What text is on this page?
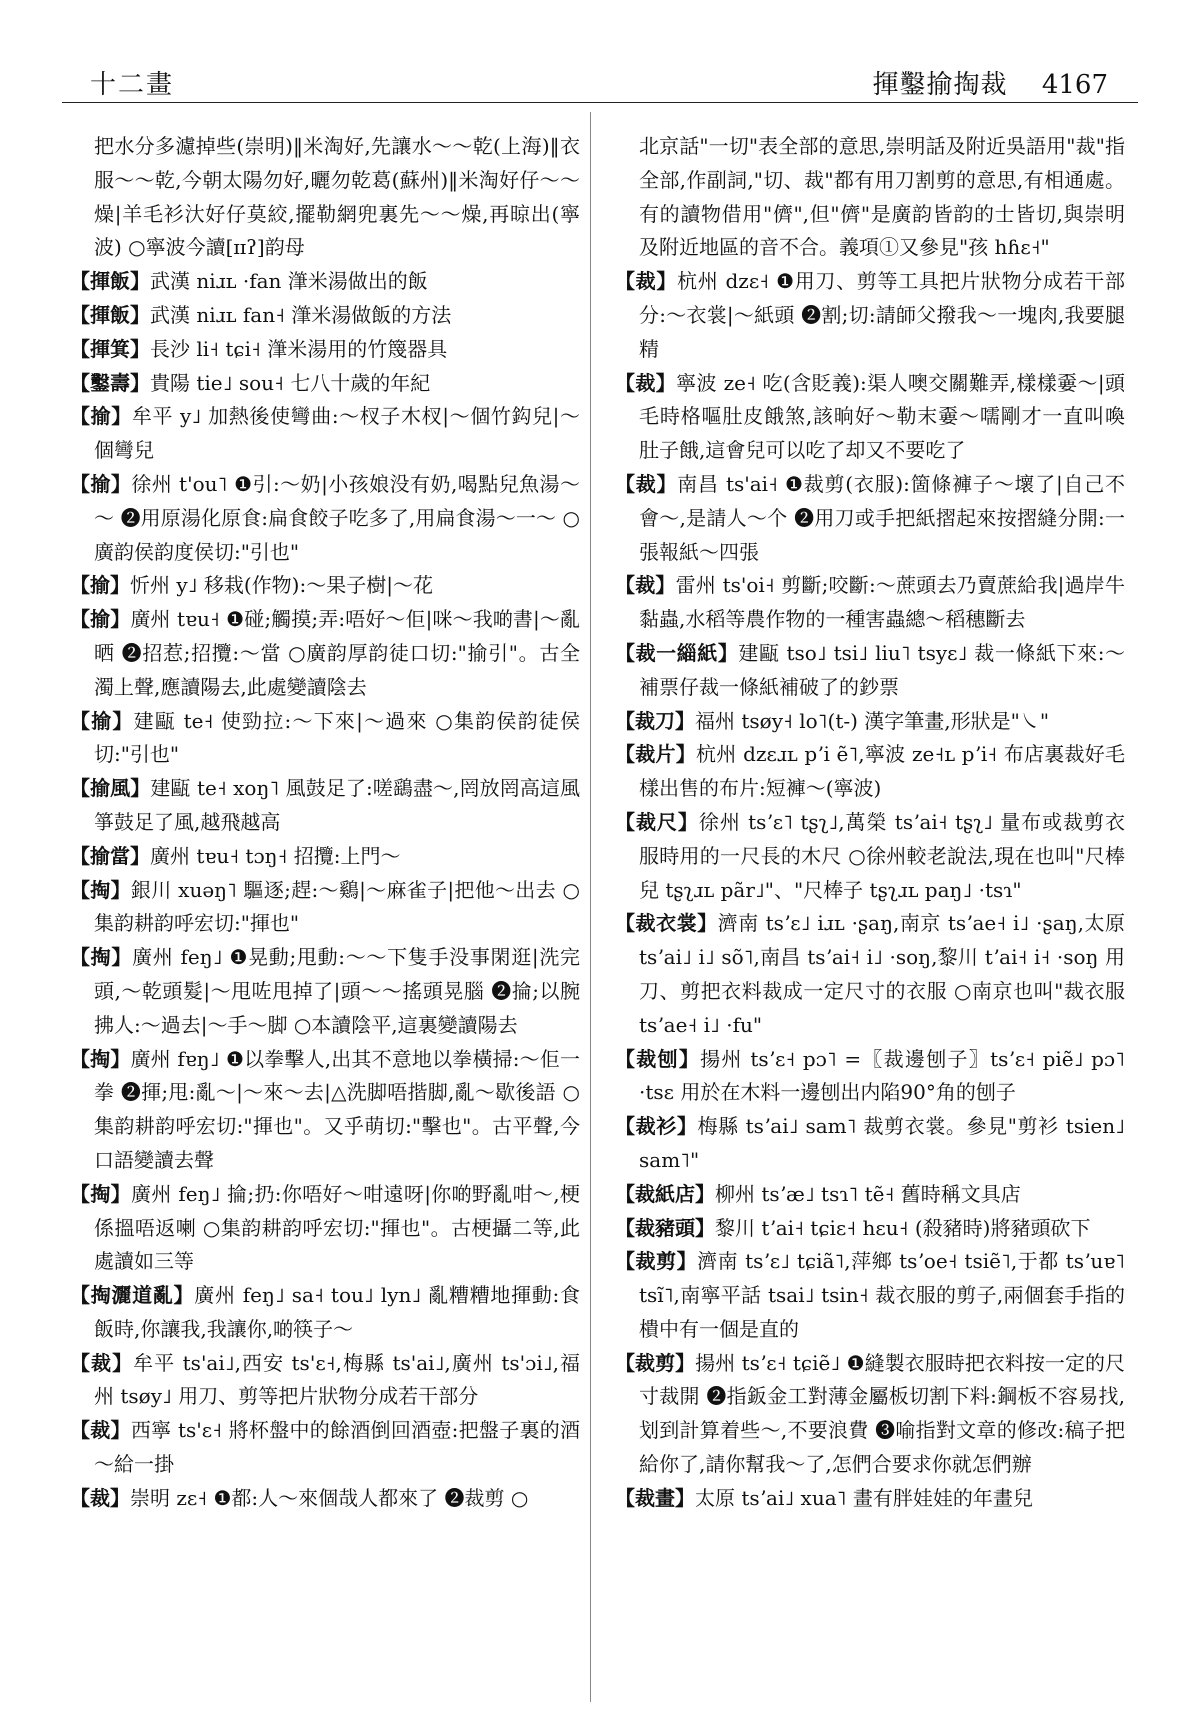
十二畫	揮鑿揄掏裁 4167

把水分多濾掉些(崇明)‖米淘好,先讓水～～乾(上海)‖衣服～～乾,今朝太陽勿好,曬勿乾葛(蘇州)‖米淘好仔～～燥|羊毛衫汏好仔莫絞,擺勒網兜裏先～～燥,再晾出(寧波) ○寧波今讀[ɪɪʔ]韵母

【揮飯】武漢 niɹʟ ·fan 潷米湯做出的飯

【揮飯】武漢 niɹʟ fan˧ 潷米湯做飯的方法

【揮箕】長沙 li˧ tɕi˧ 潷米湯用的竹篾器具

【鑿壽】貴陽 tie˩ sou˧ 七八十歲的年紀

【揄】牟平 y˩ 加熱後使彎曲:～杈子木杈|～個竹鈎兒|～個彎兒

【揄】徐州 t'ou˥ ❶引:～奶|小孩娘没有奶,喝點兒魚湯～～ ❷用原湯化原食:扁食餃子吃多了,用扁食湯～一～ ○廣韵侯韵度侯切:"引也"

【揄】忻州 y˩ 移栽(作物):～果子樹|～花

【揄】廣州 tɐu˧ ❶碰;觸摸;弄:唔好～佢|咪～我啲書|～亂晒 ❷招惹;招攬:～當 ○廣韵厚韵徒口切:"揄引"。古全濁上聲,應讀陽去,此處變讀陰去

【揄】建甌 te˧ 使勁拉:～下來|～過來 ○集韵侯韵徒侯切:"引也"

【揄風】建甌 te˧ xoŋ˥ 風鼓足了:嗟鷂盡～,罔放罔高這風箏鼓足了風,越飛越高

【揄當】廣州 tɐu˧ tɔŋ˧ 招攬:上門～

【掏】銀川 xuəŋ˥ 驅逐;趕:～鷄|～麻雀子|把他～出去 ○集韵耕韵呼宏切:"揮也"

【掏】廣州 feŋ˩ ❶晃動;甩動:～～下隻手没事閑逛|洗完頭,～乾頭髮|～甩咗甩掉了|頭～～搖頭晃腦 ❷掄;以腕拂人:～過去|～手～脚 ○本讀陰平,這裏變讀陽去

【掏】廣州 fɐŋ˩ ❶以拳擊人,出其不意地以拳橫掃:～佢一拳 ❷揮;甩:亂～|～來～去|△洗脚唔揩脚,亂～歇後語 ○集韵耕韵呼宏切:"揮也"。又乎萌切:"擊也"。古平聲,今口語變讀去聲

【掏】廣州 feŋ˩ 掄;扔:你唔好～咁遠呀|你啲野亂咁～,梗係搵唔返喇 ○集韵耕韵呼宏切:"揮也"。古梗攝二等,此處讀如三等

【掏灑道亂】廣州 feŋ˩ sa˧ tou˩ lyn˩ 亂糟糟地揮動:食飯時,你讓我,我讓你,啲筷子～

【裁】牟平 ts'ai˩,西安 ts'ɛ˧,梅縣 ts'ai˩,廣州 ts'ɔi˩,福州 tsøy˩ 用刀、剪等把片狀物分成若干部分

【裁】西寧 ts'ɛ˧ 將杯盤中的餘酒倒回酒壺:把盤子裏的酒～給一掛

【裁】崇明 zɛ˧ ❶都:人～來個哉人都來了 ❷裁剪 ○

北京話"一切"表全部的意思,崇明話及附近吳語用"裁"指全部,作副詞,"切、裁"都有用刀割剪的意思,有相通處。有的讀物借用"儕",但"儕"是廣韵皆韵的士皆切,與崇明及附近地區的音不合。義項①又參見"孩 hɦɛ˧"

【裁】杭州 dzɛ˧ ❶用刀、剪等工具把片狀物分成若干部分:～衣裳|～紙頭 ❷割;切:請師父撥我～一塊肉,我要腿精

【裁】寧波 ze˧ 吃(含貶義):渠人噢交關難弄,樣樣嫑～|頭毛時格嘔肚皮餓煞,該晌好～勒末嫑～嚅剛才一直叫喚肚子餓,這會兒可以吃了却又不要吃了

【裁】南昌 ts'ai˧ ❶裁剪(衣服):箇條褲子～壞了|自己不會～,是請人～个 ❷用刀或手把紙摺起來按摺縫分開:一張報紙～四張

【裁】雷州 ts'oi˧ 剪斷;咬斷:～蔗頭去乃賣蔗給我|過岸牛黏蟲,水稻等農作物的一種害蟲總～稻穗斷去

【裁一緇紙】建甌 tso˩ tsi˩ liu˥ tsyɛ˩ 裁一條紙下來:～補票仔裁一條紙補破了的鈔票

【裁刀】福州 tsøy˧ lo˥(t-) 漢字筆畫,形狀是"㇏"

【裁片】杭州 dzɛɹʟ pʼi ẽ˥,寧波 ze˧ʟ pʼi˧ 布店裏裁好毛樣出售的布片:短褲～(寧波)

【裁尺】徐州 tsʼɛ˥ tʂʅ˩,萬榮 tsʼai˧ tʂʅ˩ 量布或裁剪衣服時用的一尺長的木尺 ○徐州較老說法,現在也叫"尺棒兒 tʂʅɹʟ pãr˩"、"尺棒子 tʂʅɹʟ paŋ˩ ·tsɿ"

【裁衣裳】濟南 tsʼɛ˩ iɹʟ ·ʂaŋ,南京 tsʼae˧ i˩ ·ʂaŋ,太原 tsʼai˩ i˩ sõ˥,南昌 tsʼai˧ i˩ ·soŋ,黎川 tʼai˧ i˧ ·soŋ 用刀、剪把衣料裁成一定尺寸的衣服 ○南京也叫"裁衣服 tsʼae˧ i˩ ·fu"

【裁刨】揚州 tsʼɛ˧ pɔ˥ =〖裁邊刨子〗tsʼɛ˧ piẽ˩ pɔ˥ ·tsɛ 用於在木料一邊刨出内陷90°角的刨子

【裁衫】梅縣 tsʼai˩ sam˥ 裁剪衣裳。參見"剪衫 tsien˩ sam˥"

【裁紙店】柳州 tsʼæ˩ tsɿ˥ tẽ˧ 舊時稱文具店

【裁豬頭】黎川 tʼai˧ tɕiɛ˧ hɛu˧ (殺豬時)將豬頭砍下

【裁剪】濟南 tsʼɛ˩ tɕiã˥,萍鄉 tsʼoe˧ tsiẽ˥,于都 tsʼuɐ˥ tsĩ˥,南寧平話 tsai˩ tsin˧ 裁衣服的剪子,兩個套手指的樻中有一個是直的

【裁剪】揚州 tsʼɛ˧ tɕiẽ˩ ❶縫製衣服時把衣料按一定的尺寸裁開 ❷指鈑金工對薄金屬板切割下料:鋼板不容易找,划到計算着些～,不要浪費 ❸喻指對文章的修改:稿子把給你了,請你幫我～了,怎們合要求你就怎們辦

【裁畫】太原 tsʼai˩ xua˥ 畫有胖娃娃的年畫兒
